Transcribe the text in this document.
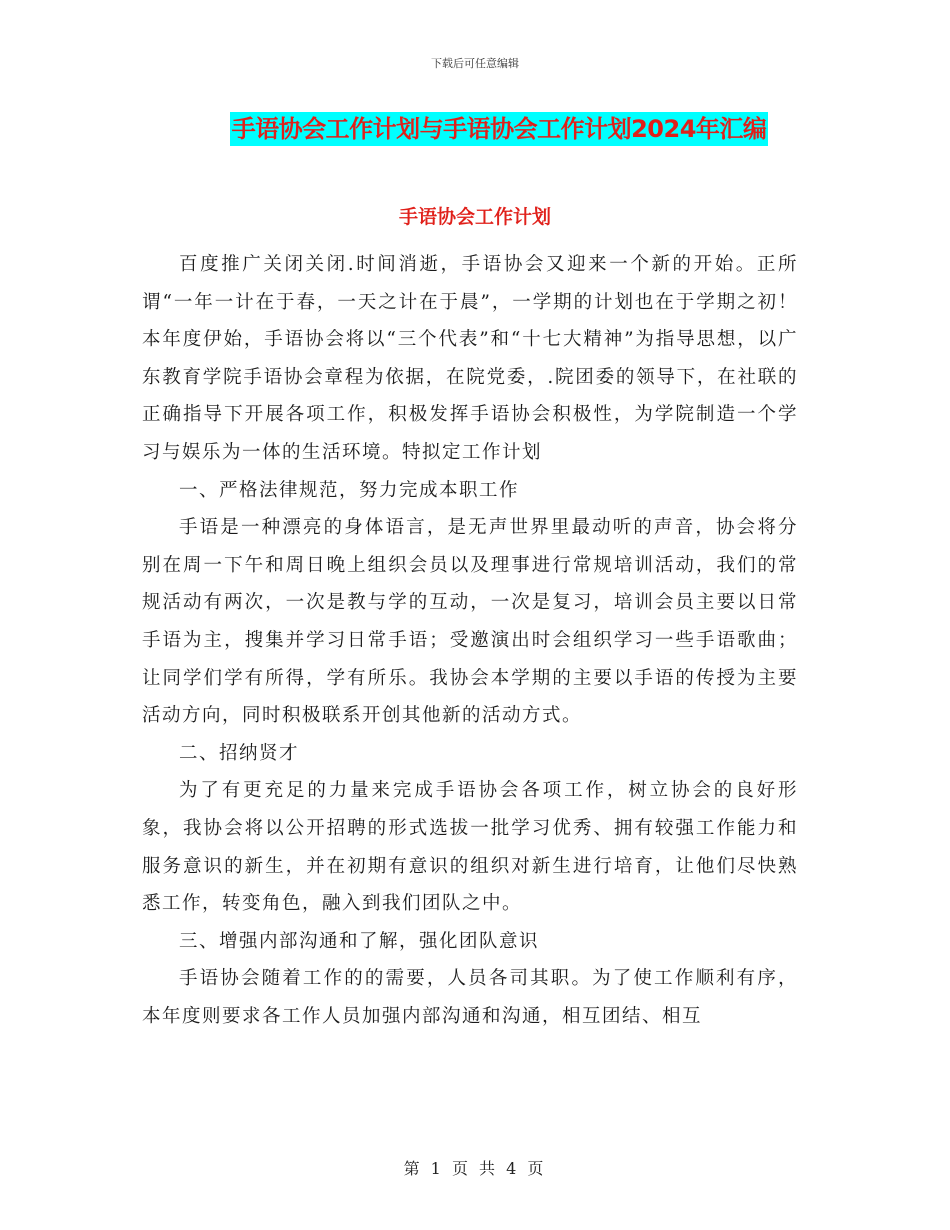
下载后可任意编辑
手语协会工作计划与手语协会工作计划2024年汇编
手语协会工作计划

百度推广关闭关闭.时间消逝，手语协会又迎来一个新的开始。正所谓“一年一计在于春，一天之计在于晨”，一学期的计划也在于学期之初！本年度伊始，手语协会将以“三个代表”和“十七大精神”为指导思想，以广东教育学院手语协会章程为依据，在院党委，.院团委的领导下，在社联的正确指导下开展各项工作，积极发挥手语协会积极性，为学院制造一个学习与娱乐为一体的生活环境。特拟定工作计划

一、严格法律规范，努力完成本职工作

手语是一种漂亮的身体语言，是无声世界里最动听的声音，协会将分别在周一下午和周日晚上组织会员以及理事进行常规培训活动，我们的常规活动有两次，一次是教与学的互动，一次是复习，培训会员主要以日常手语为主，搜集并学习日常手语；受邀演出时会组织学习一些手语歌曲；让同学们学有所得，学有所乐。我协会本学期的主要以手语的传授为主要活动方向，同时积极联系开创其他新的活动方式。

二、招纳贤才

为了有更充足的力量来完成手语协会各项工作，树立协会的良好形象，我协会将以公开招聘的形式选拔一批学习优秀、拥有较强工作能力和服务意识的新生，并在初期有意识的组织对新生进行培育，让他们尽快熟悉工作，转变角色，融入到我们团队之中。

三、增强内部沟通和了解，强化团队意识

手语协会随着工作的的需要，人员各司其职。为了使工作顺利有序，本年度则要求各工作人员加强内部沟通和沟通，相互团结、相互

第 1 页 共 4 页
